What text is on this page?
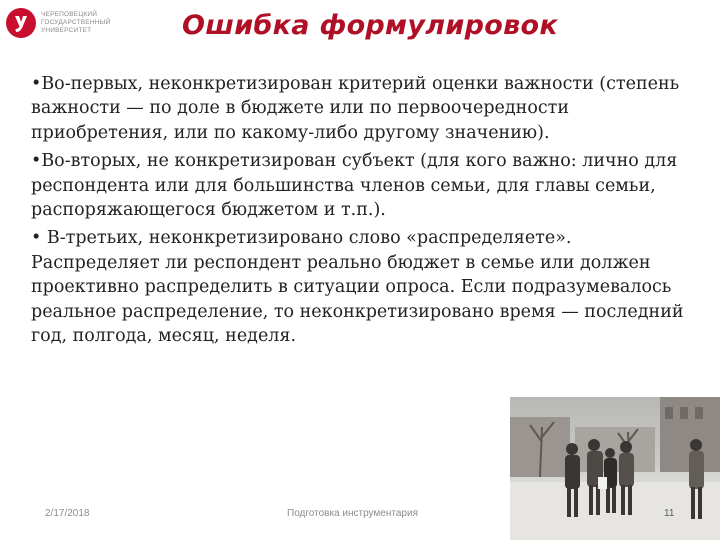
ЧЕРЕПОВЕЦКИЙ
ГОСУДАРСТВЕННЫЙ
УНИВЕРСИТЕТ	Ошибка формулировок

•Во-первых, неконкретизирован критерий оценки важности (степень важности — по доле в бюджете или по первоочередности приобретения, или по какому-либо другому значению).

•Во-вторых, не конкретизирован субъект (для кого важно: лично для респондента или для большинства членов семьи, для главы семьи, распоряжающегося бюджетом и т.п.).

• В-третьих, неконкретизировано слово «распределяете». Распределяет ли респондент реально бюджет в семье или должен проективно распределить в ситуации опроса. Если подразумевалось реальное распределение, то неконкретизировано время — последний год, полгода, месяц, неделя.

2/17/2018	Подготовка инструментария	11
